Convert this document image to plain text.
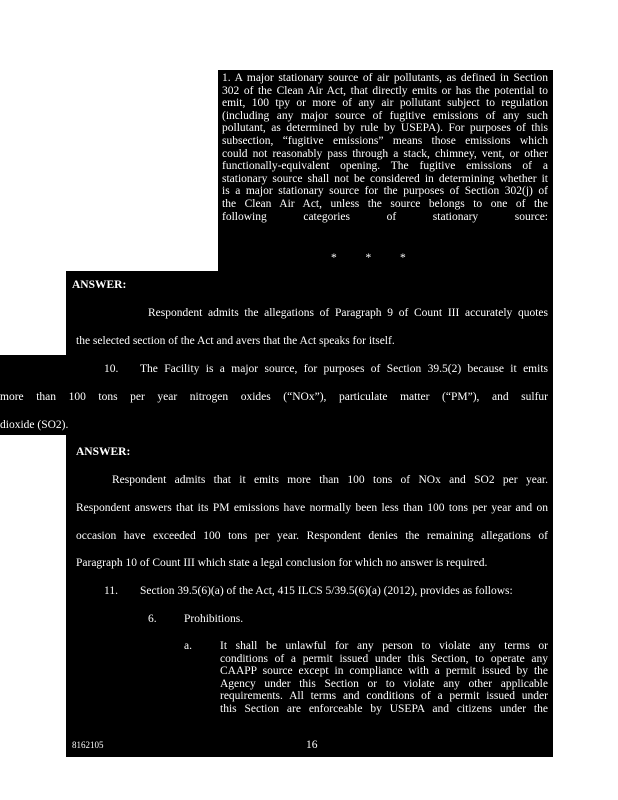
1. A major stationary source of air pollutants, as defined in Section
302 of the Clean Air Act, that directly emits or has the potential to
emit, 100 tpy or more of any air pollutant subject to regulation
(including any major source of fugitive emissions of any such
pollutant, as determined by rule by USEPA). For purposes of this
subsection, “fugitive emissions” means those emissions which
could not reasonably pass through a stack, chimney, vent, or other
functionally-equivalent opening. The fugitive emissions of a
stationary source shall not be considered in determining whether it
is a major stationary source for the purposes of Section 302(j) of
the Clean Air Act, unless the source belongs to one of the
following categories of stationary source:
*          *          *
ANSWER:
Respondent admits the allegations of Paragraph 9 of Count III accurately quotes
the selected section of the Act and avers that the Act speaks for itself.
10. The Facility is a major source, for purposes of Section 39.5(2) because it emits
more than 100 tons per year nitrogen oxides (“NOx”), particulate matter (“PM”), and sulfur
dioxide (SO2).
ANSWER:
Respondent admits that it emits more than 100 tons of NOx and SO2 per year.
Respondent answers that its PM emissions have normally been less than 100 tons per year and on
occasion have exceeded 100 tons per year. Respondent denies the remaining allegations of
Paragraph 10 of Count III which state a legal conclusion for which no answer is required.
11. Section 39.5(6)(a) of the Act, 415 ILCS 5/39.5(6)(a) (2012), provides as follows:
6. Prohibitions.
a. It shall be unlawful for any person to violate any terms or
conditions of a permit issued under this Section, to operate any
CAAPP source except in compliance with a permit issued by the
Agency under this Section or to violate any other applicable
requirements. All terms and conditions of a permit issued under
this Section are enforceable by USEPA and citizens under the
8162105	16
